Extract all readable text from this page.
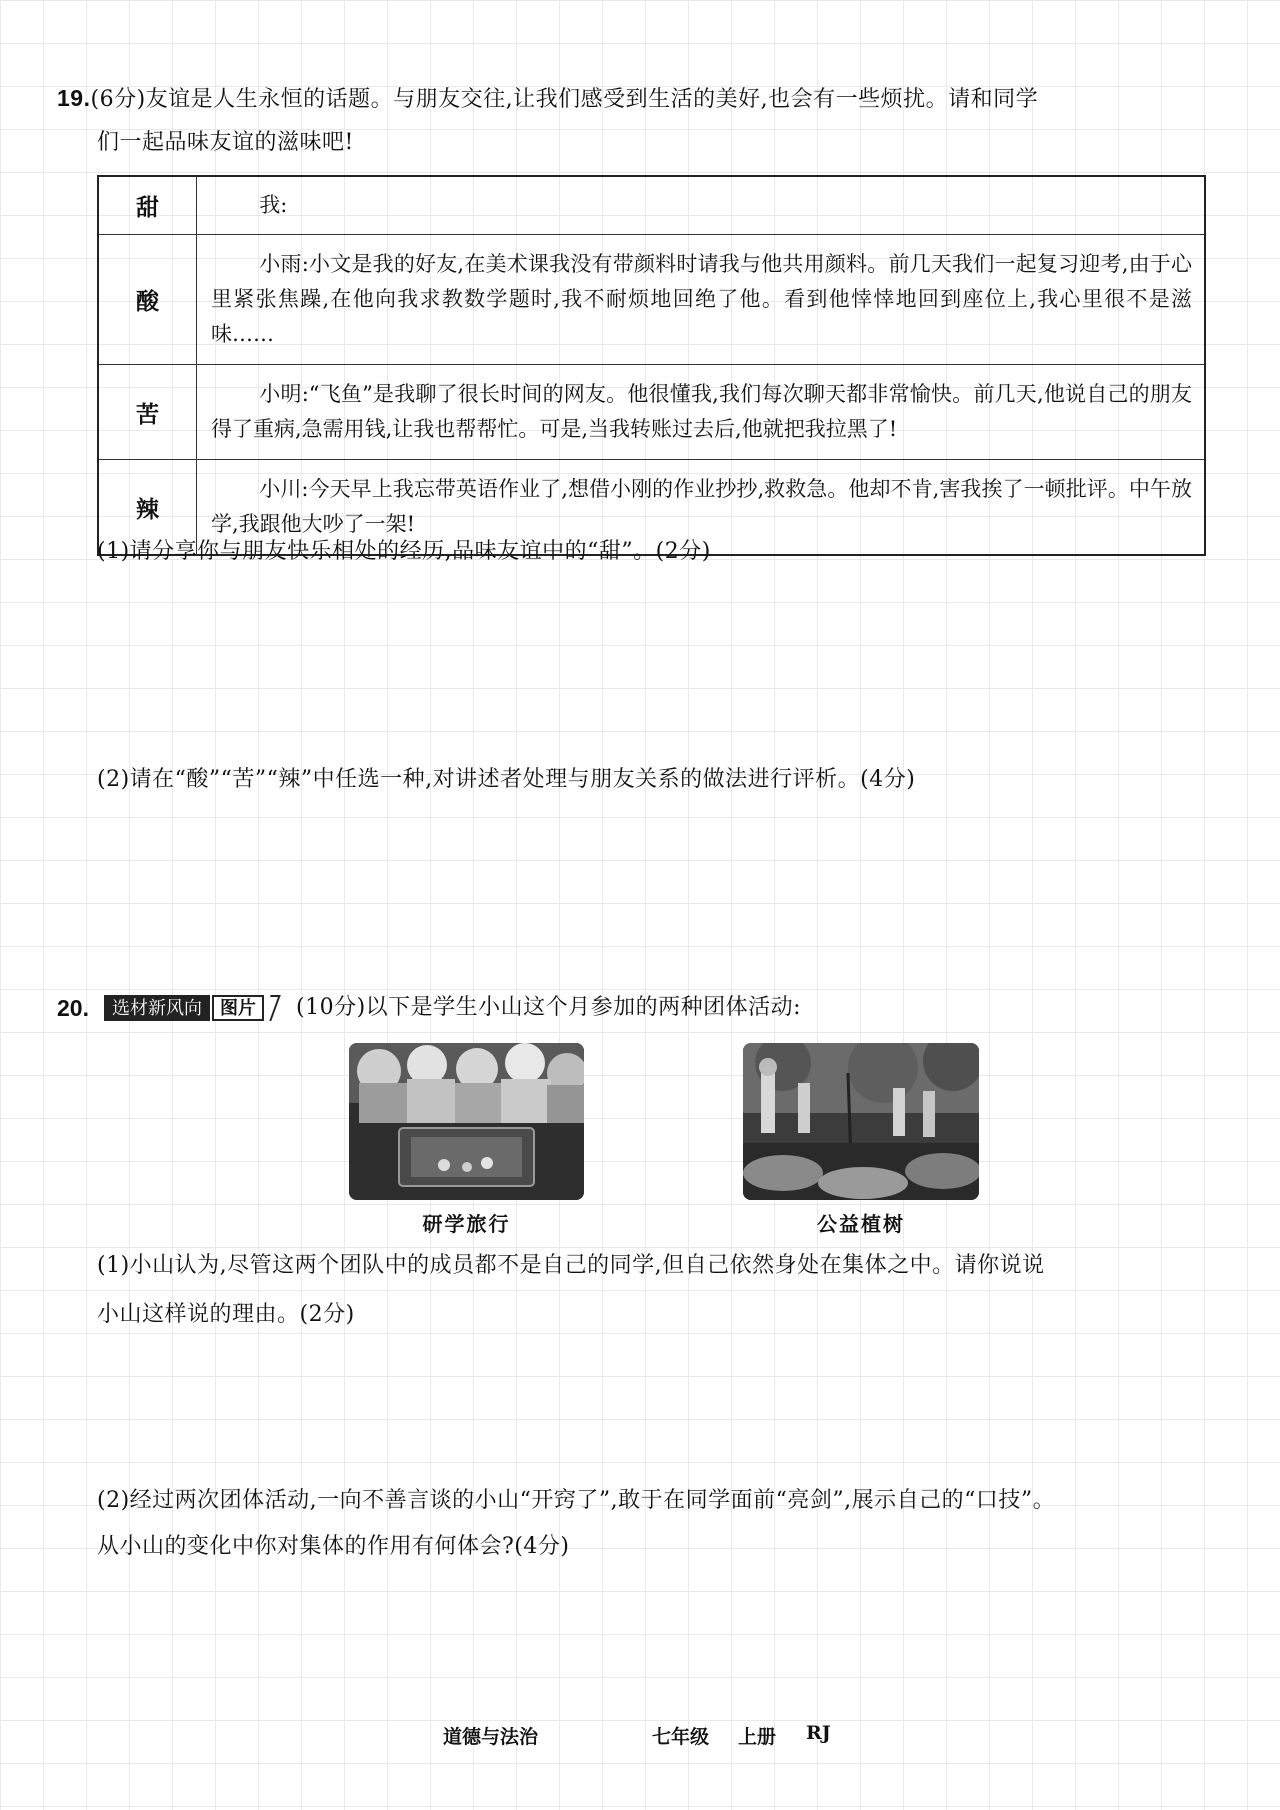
19.(6分)友谊是人生永恒的话题。与朋友交往,让我们感受到生活的美好,也会有一些烦扰。请和同学
们一起品味友谊的滋味吧!
甜	我:

酸	小雨:小文是我的好友,在美术课我没有带颜料时请我与他共用颜料。前几天我们一起复习迎考,由于心里紧张焦躁,在他向我求教数学题时,我不耐烦地回绝了他。看到他悻悻地回到座位上,我心里很不是滋味……

苦	小明:“飞鱼”是我聊了很长时间的网友。他很懂我,我们每次聊天都非常愉快。前几天,他说自己的朋友得了重病,急需用钱,让我也帮帮忙。可是,当我转账过去后,他就把我拉黑了!

辣	小川:今天早上我忘带英语作业了,想借小刚的作业抄抄,救救急。他却不肯,害我挨了一顿批评。中午放学,我跟他大吵了一架!
(1)请分享你与朋友快乐相处的经历,品味友谊中的“甜”。(2分)
(2)请在“酸”“苦”“辣”中任选一种,对讲述者处理与朋友关系的做法进行评析。(4分)
20.	选材新风向	图片	(10分)以下是学生小山这个月参加的两种团体活动:
研学旅行	公益植树
(1)小山认为,尽管这两个团队中的成员都不是自己的同学,但自己依然身处在集体之中。请你说说
小山这样说的理由。(2分)
(2)经过两次团体活动,一向不善言谈的小山“开窍了”,敢于在同学面前“亮剑”,展示自己的“口技”。
从小山的变化中你对集体的作用有何体会?(4分)
道德与法治	七年级 上册 RJ
